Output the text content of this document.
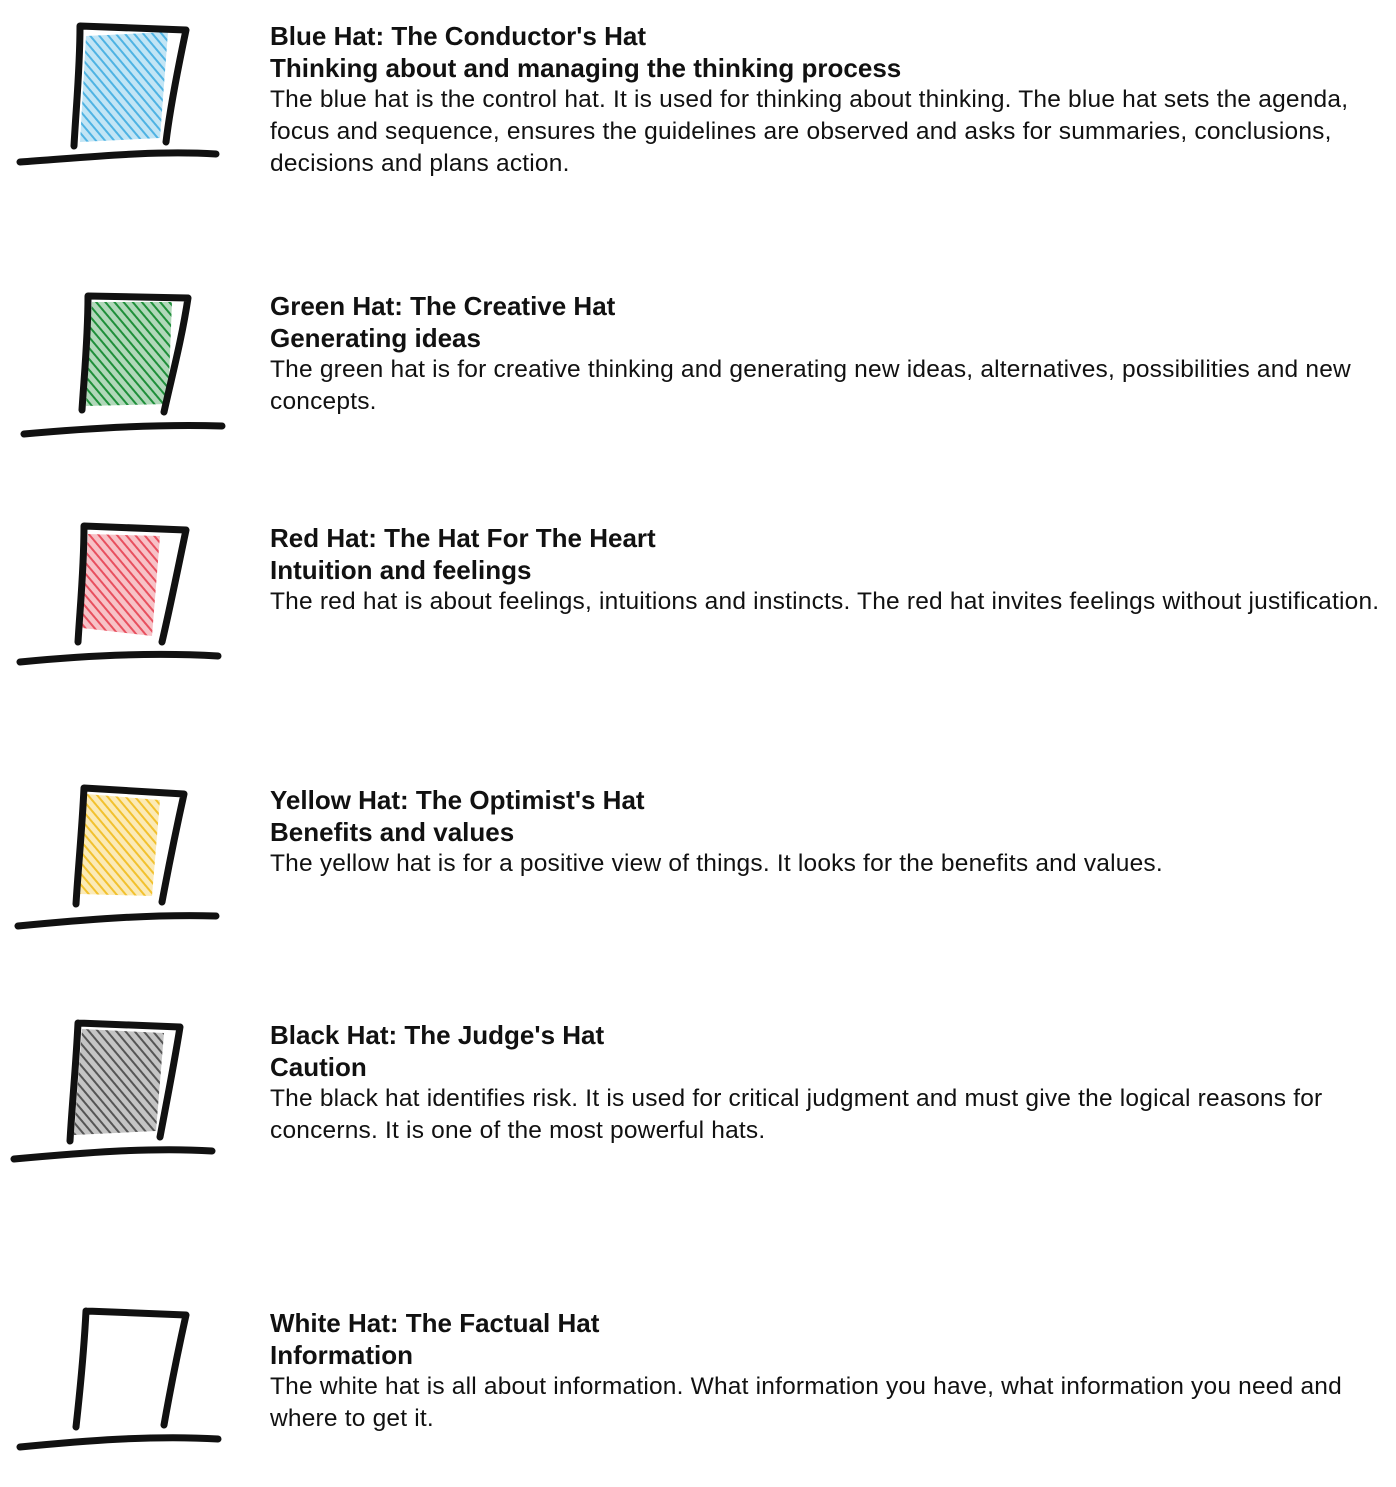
Blue Hat: The Conductor's Hat

Thinking about and managing the thinking process

The blue hat is the control hat. It is used for thinking about thinking. The blue hat sets the agenda, focus and sequence, ensures the guidelines are observed and asks for summaries, conclusions, decisions and plans action.

Green Hat: The Creative Hat

Generating ideas

The green hat is for creative thinking and generating new ideas, alternatives, possibilities and new concepts.

Red Hat: The Hat For The Heart

Intuition and feelings

The red hat is about feelings, intuitions and instincts. The red hat invites feelings without justification.

Yellow Hat: The Optimist's Hat

Benefits and values

The yellow hat is for a positive view of things. It looks for the benefits and values.

Black Hat: The Judge's Hat

Caution

The black hat identifies risk. It is used for critical judgment and must give the logical reasons for concerns. It is one of the most powerful hats.

White Hat: The Factual Hat

Information

The white hat is all about information. What information you have, what information you need and where to get it.
